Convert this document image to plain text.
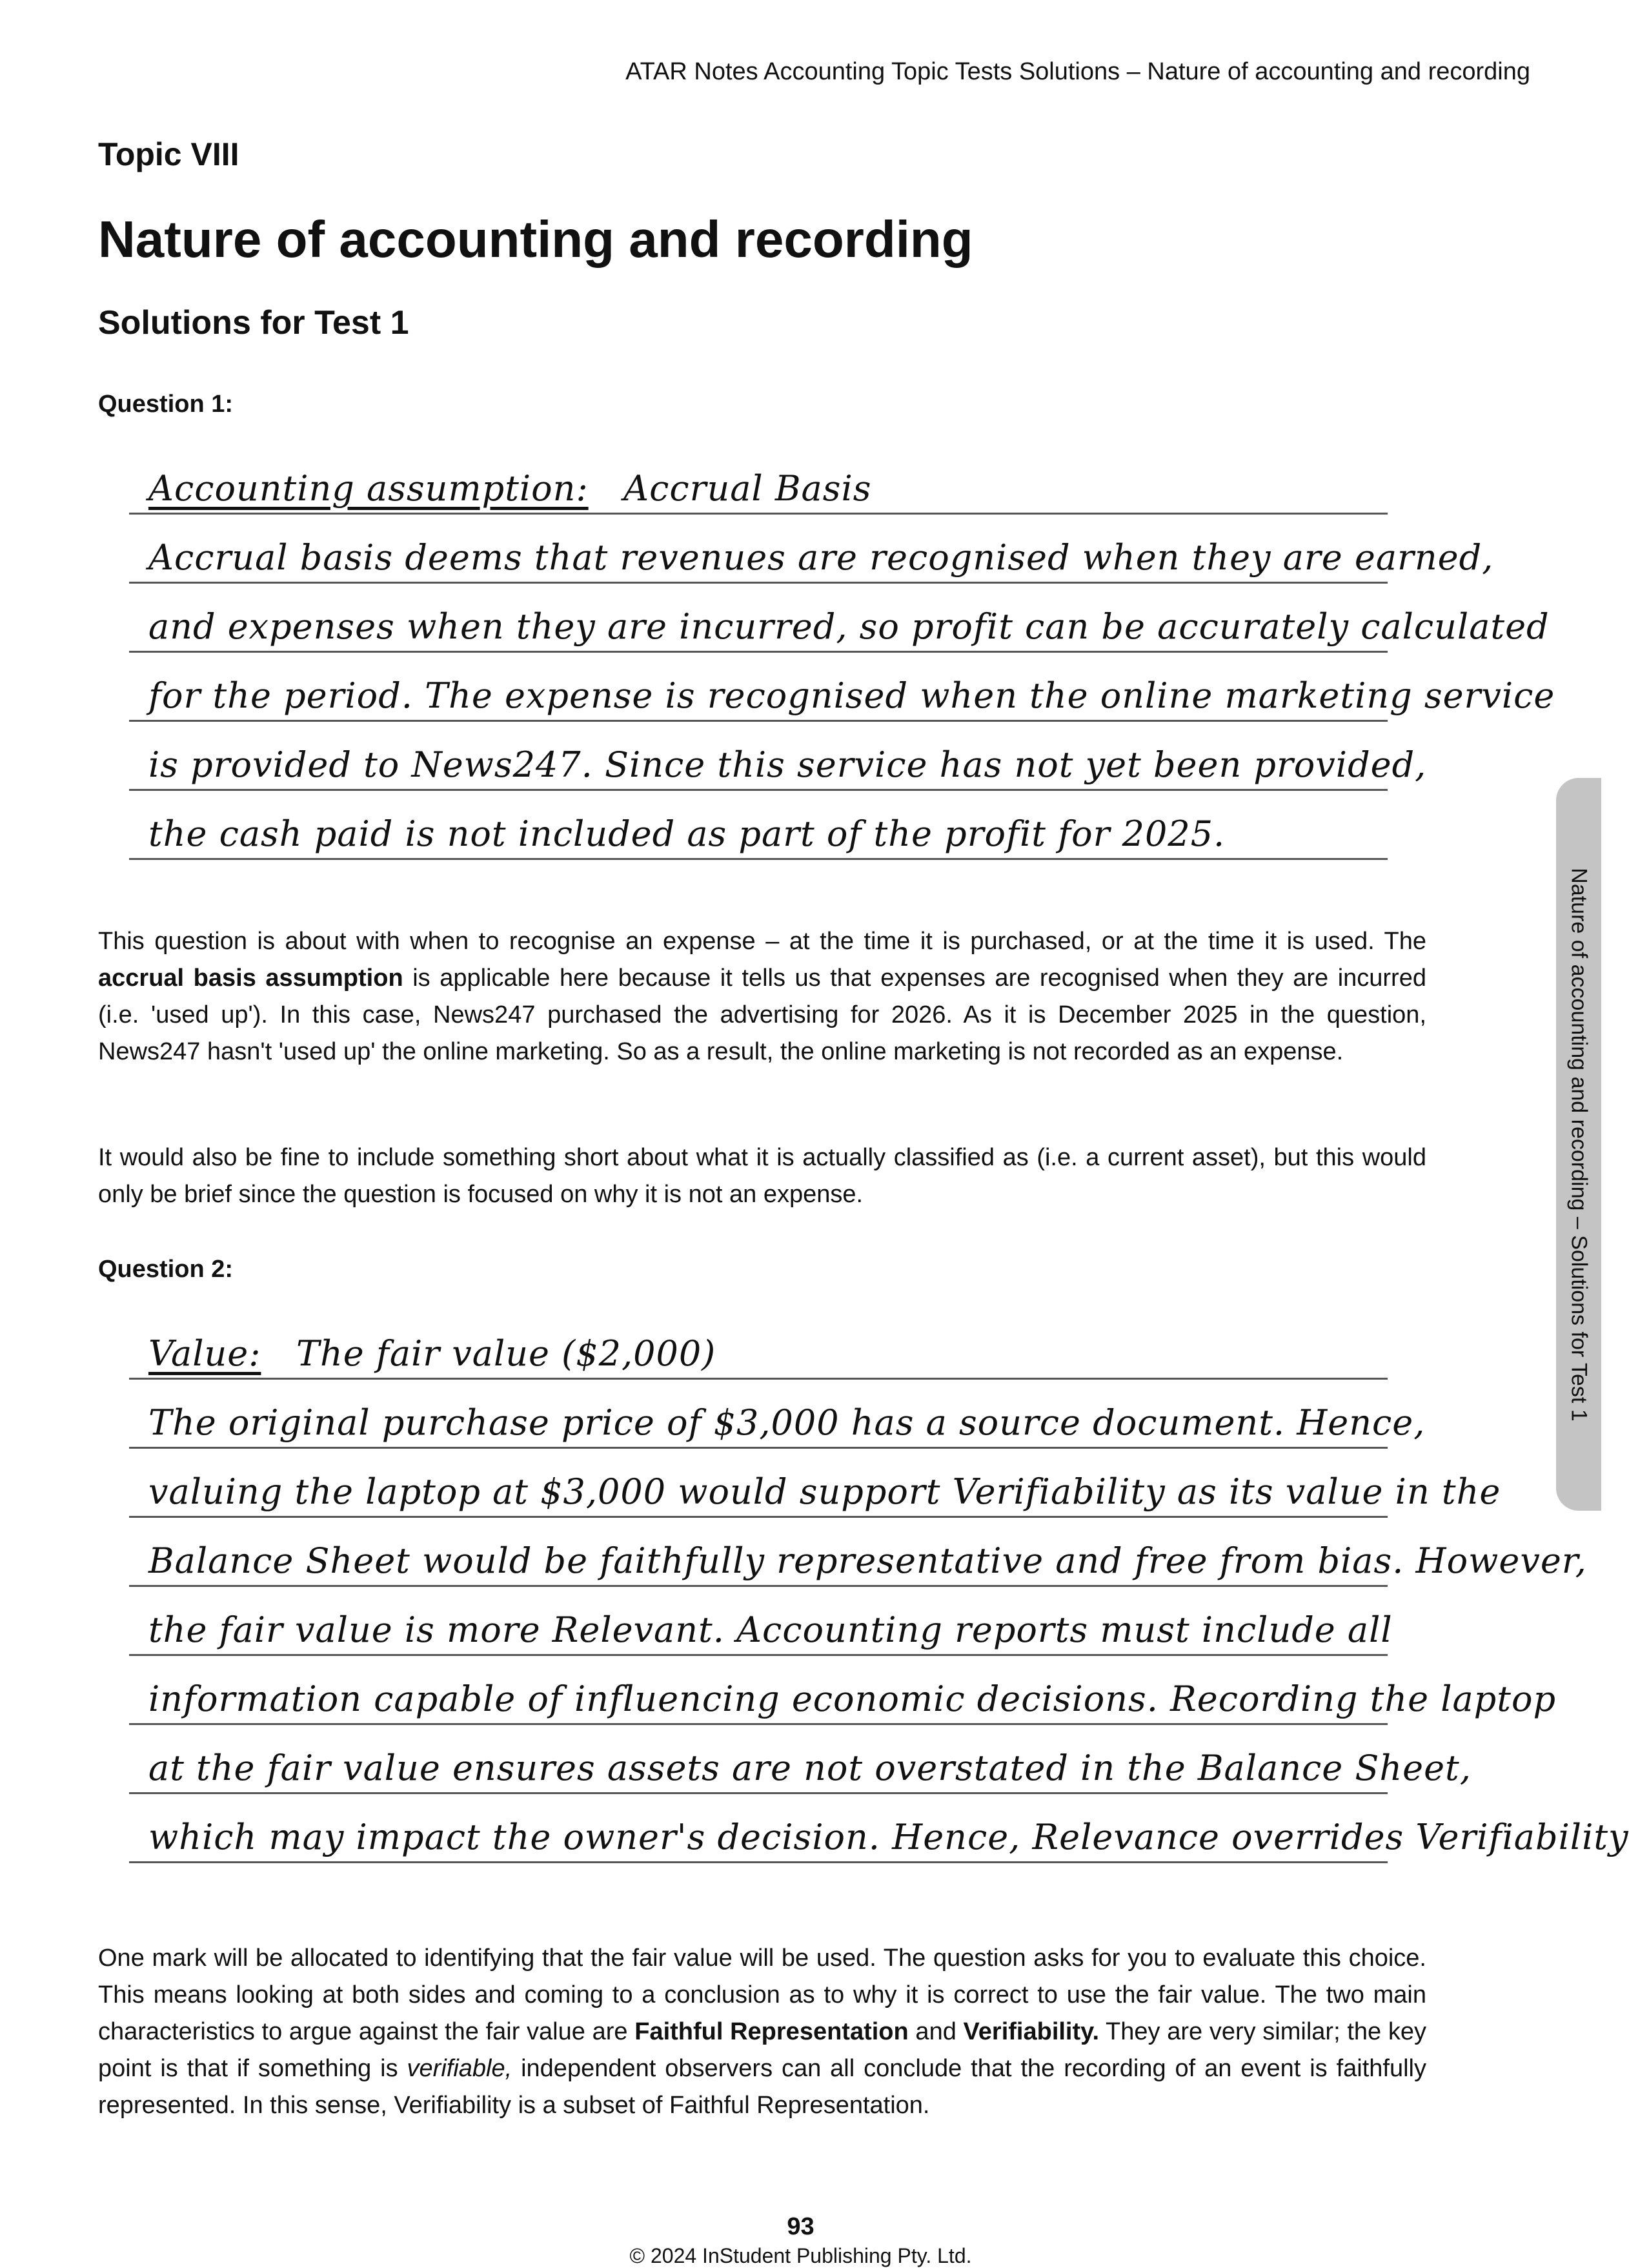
ATAR Notes Accounting Topic Tests Solutions – Nature of accounting and recording
Topic VIII
Nature of accounting and recording
Solutions for Test 1
Question 1:
Accounting assumption: Accrual Basis
Accrual basis deems that revenues are recognised when they are earned,
and expenses when they are incurred, so profit can be accurately calculated
for the period. The expense is recognised when the online marketing service
is provided to News247. Since this service has not yet been provided,
the cash paid is not included as part of the profit for 2025.
This question is about with when to recognise an expense – at the time it is purchased, or at the time it is used. The accrual basis assumption is applicable here because it tells us that expenses are recognised when they are incurred (i.e. 'used up'). In this case, News247 purchased the advertising for 2026. As it is December 2025 in the question, News247 hasn't 'used up' the online marketing. So as a result, the online marketing is not recorded as an expense.
It would also be fine to include something short about what it is actually classified as (i.e. a current asset), but this would only be brief since the question is focused on why it is not an expense.
Question 2:
Value: The fair value ($2,000)
The original purchase price of $3,000 has a source document. Hence,
valuing the laptop at $3,000 would support Verifiability as its value in the
Balance Sheet would be faithfully representative and free from bias. However,
the fair value is more Relevant. Accounting reports must include all
information capable of influencing economic decisions. Recording the laptop
at the fair value ensures assets are not overstated in the Balance Sheet,
which may impact the owner's decision. Hence, Relevance overrides Verifiability
One mark will be allocated to identifying that the fair value will be used. The question asks for you to evaluate this choice. This means looking at both sides and coming to a conclusion as to why it is correct to use the fair value. The two main characteristics to argue against the fair value are Faithful Representation and Verifiability. They are very similar; the key point is that if something is verifiable, independent observers can all conclude that the recording of an event is faithfully represented. In this sense, Verifiability is a subset of Faithful Representation.
Nature of accounting and recording – Solutions for Test 1
93
© 2024 InStudent Publishing Pty. Ltd.
